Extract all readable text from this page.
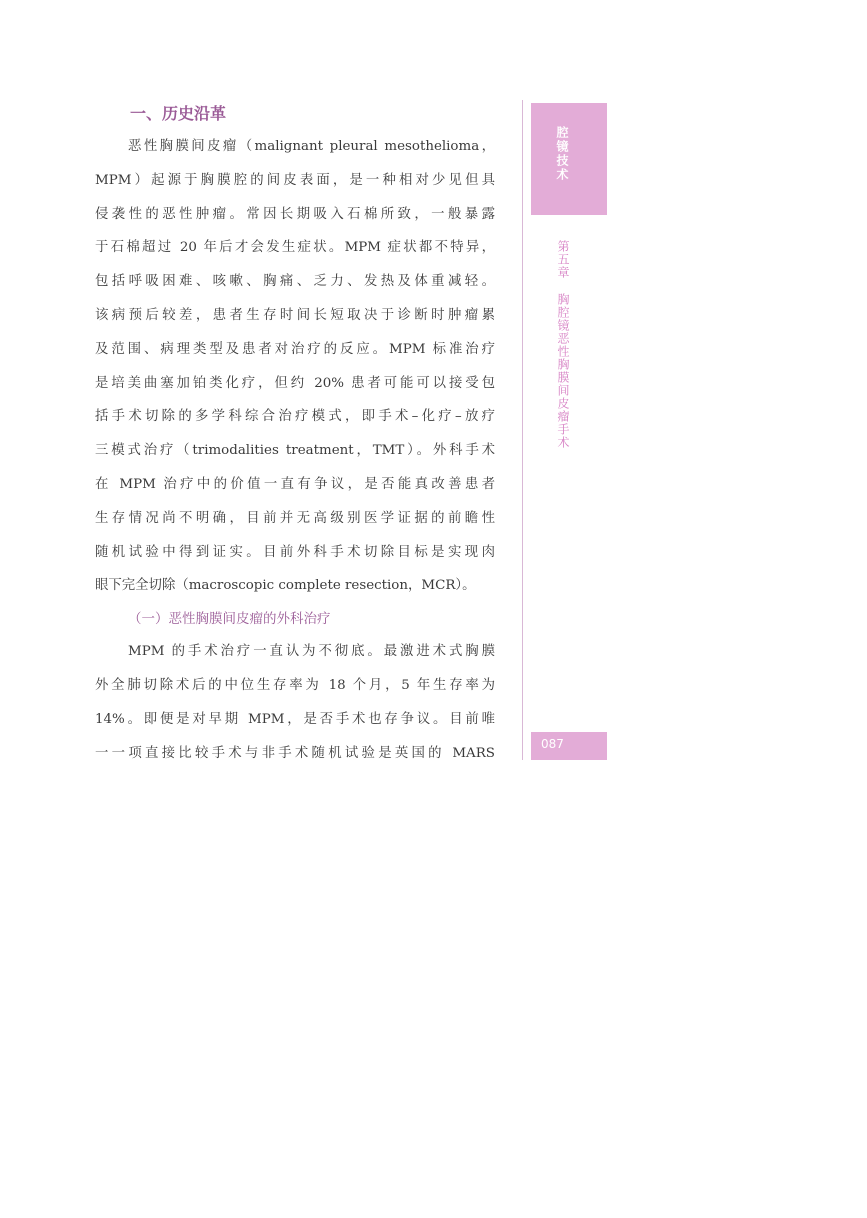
一、历史沿革
恶性胸膜间皮瘤（malignant pleural mesothelioma，
MPM）起源于胸膜腔的间皮表面，是一种相对少见但具
侵袭性的恶性肿瘤。常因长期吸入石棉所致，一般暴露
于石棉超过 20 年后才会发生症状。MPM 症状都不特异，
包括呼吸困难、咳嗽、胸痛、乏力、发热及体重减轻。
该病预后较差，患者生存时间长短取决于诊断时肿瘤累
及范围、病理类型及患者对治疗的反应。MPM 标准治疗
是培美曲塞加铂类化疗，但约 20% 患者可能可以接受包
括手术切除的多学科综合治疗模式，即手术–化疗–放疗
三模式治疗（trimodalities treatment，TMT）。外科手术
在 MPM 治疗中的价值一直有争议，是否能真改善患者
生存情况尚不明确，目前并无高级别医学证据的前瞻性
随机试验中得到证实。目前外科手术切除目标是实现肉
眼下完全切除（macroscopic complete resection，MCR）。
（一）恶性胸膜间皮瘤的外科治疗
MPM 的手术治疗一直认为不彻底。最激进术式胸膜
外全肺切除术后的中位生存率为 18 个月，5 年生存率为
14%。即便是对早期 MPM，是否手术也存争议。目前唯
一一项直接比较手术与非手术随机试验是英国的 MARS
腔镜技术
第五章胸腔镜恶性胸膜间皮瘤手术
087
